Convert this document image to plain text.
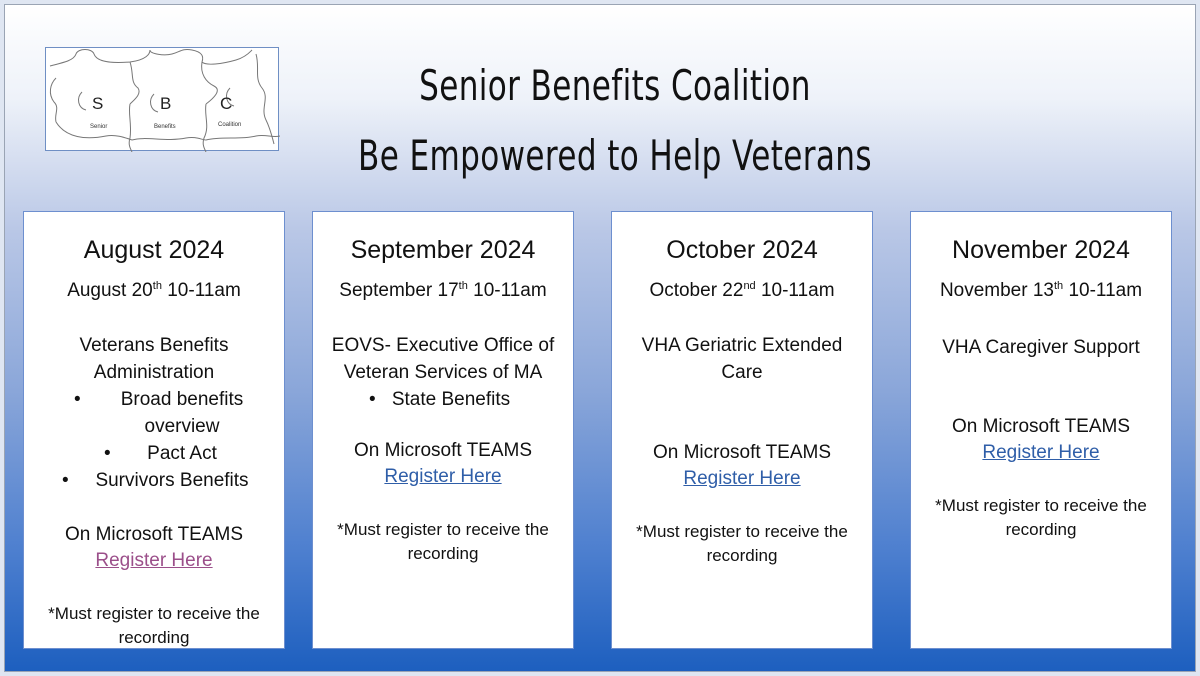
S	B	C
Senior	Benefits	Coalition
Senior Benefits Coalition
Be Empowered to Help Veterans
August 2024
August 20th 10-11am
Veterans Benefits
Administration
•	Broad benefits overview
•	Pact Act
•	Survivors Benefits
On Microsoft TEAMS
Register Here
*Must register to receive the recording
September 2024
September 17th 10-11am
EOVS- Executive Office of
Veteran Services of MA
• State Benefits
On Microsoft TEAMS
Register Here
*Must register to receive the recording
October 2024
October 22nd 10-11am
VHA Geriatric Extended
Care
On Microsoft TEAMS
Register Here
*Must register to receive the recording
November 2024
November 13th 10-11am
VHA Caregiver Support
On Microsoft TEAMS
Register Here
*Must register to receive the recording
